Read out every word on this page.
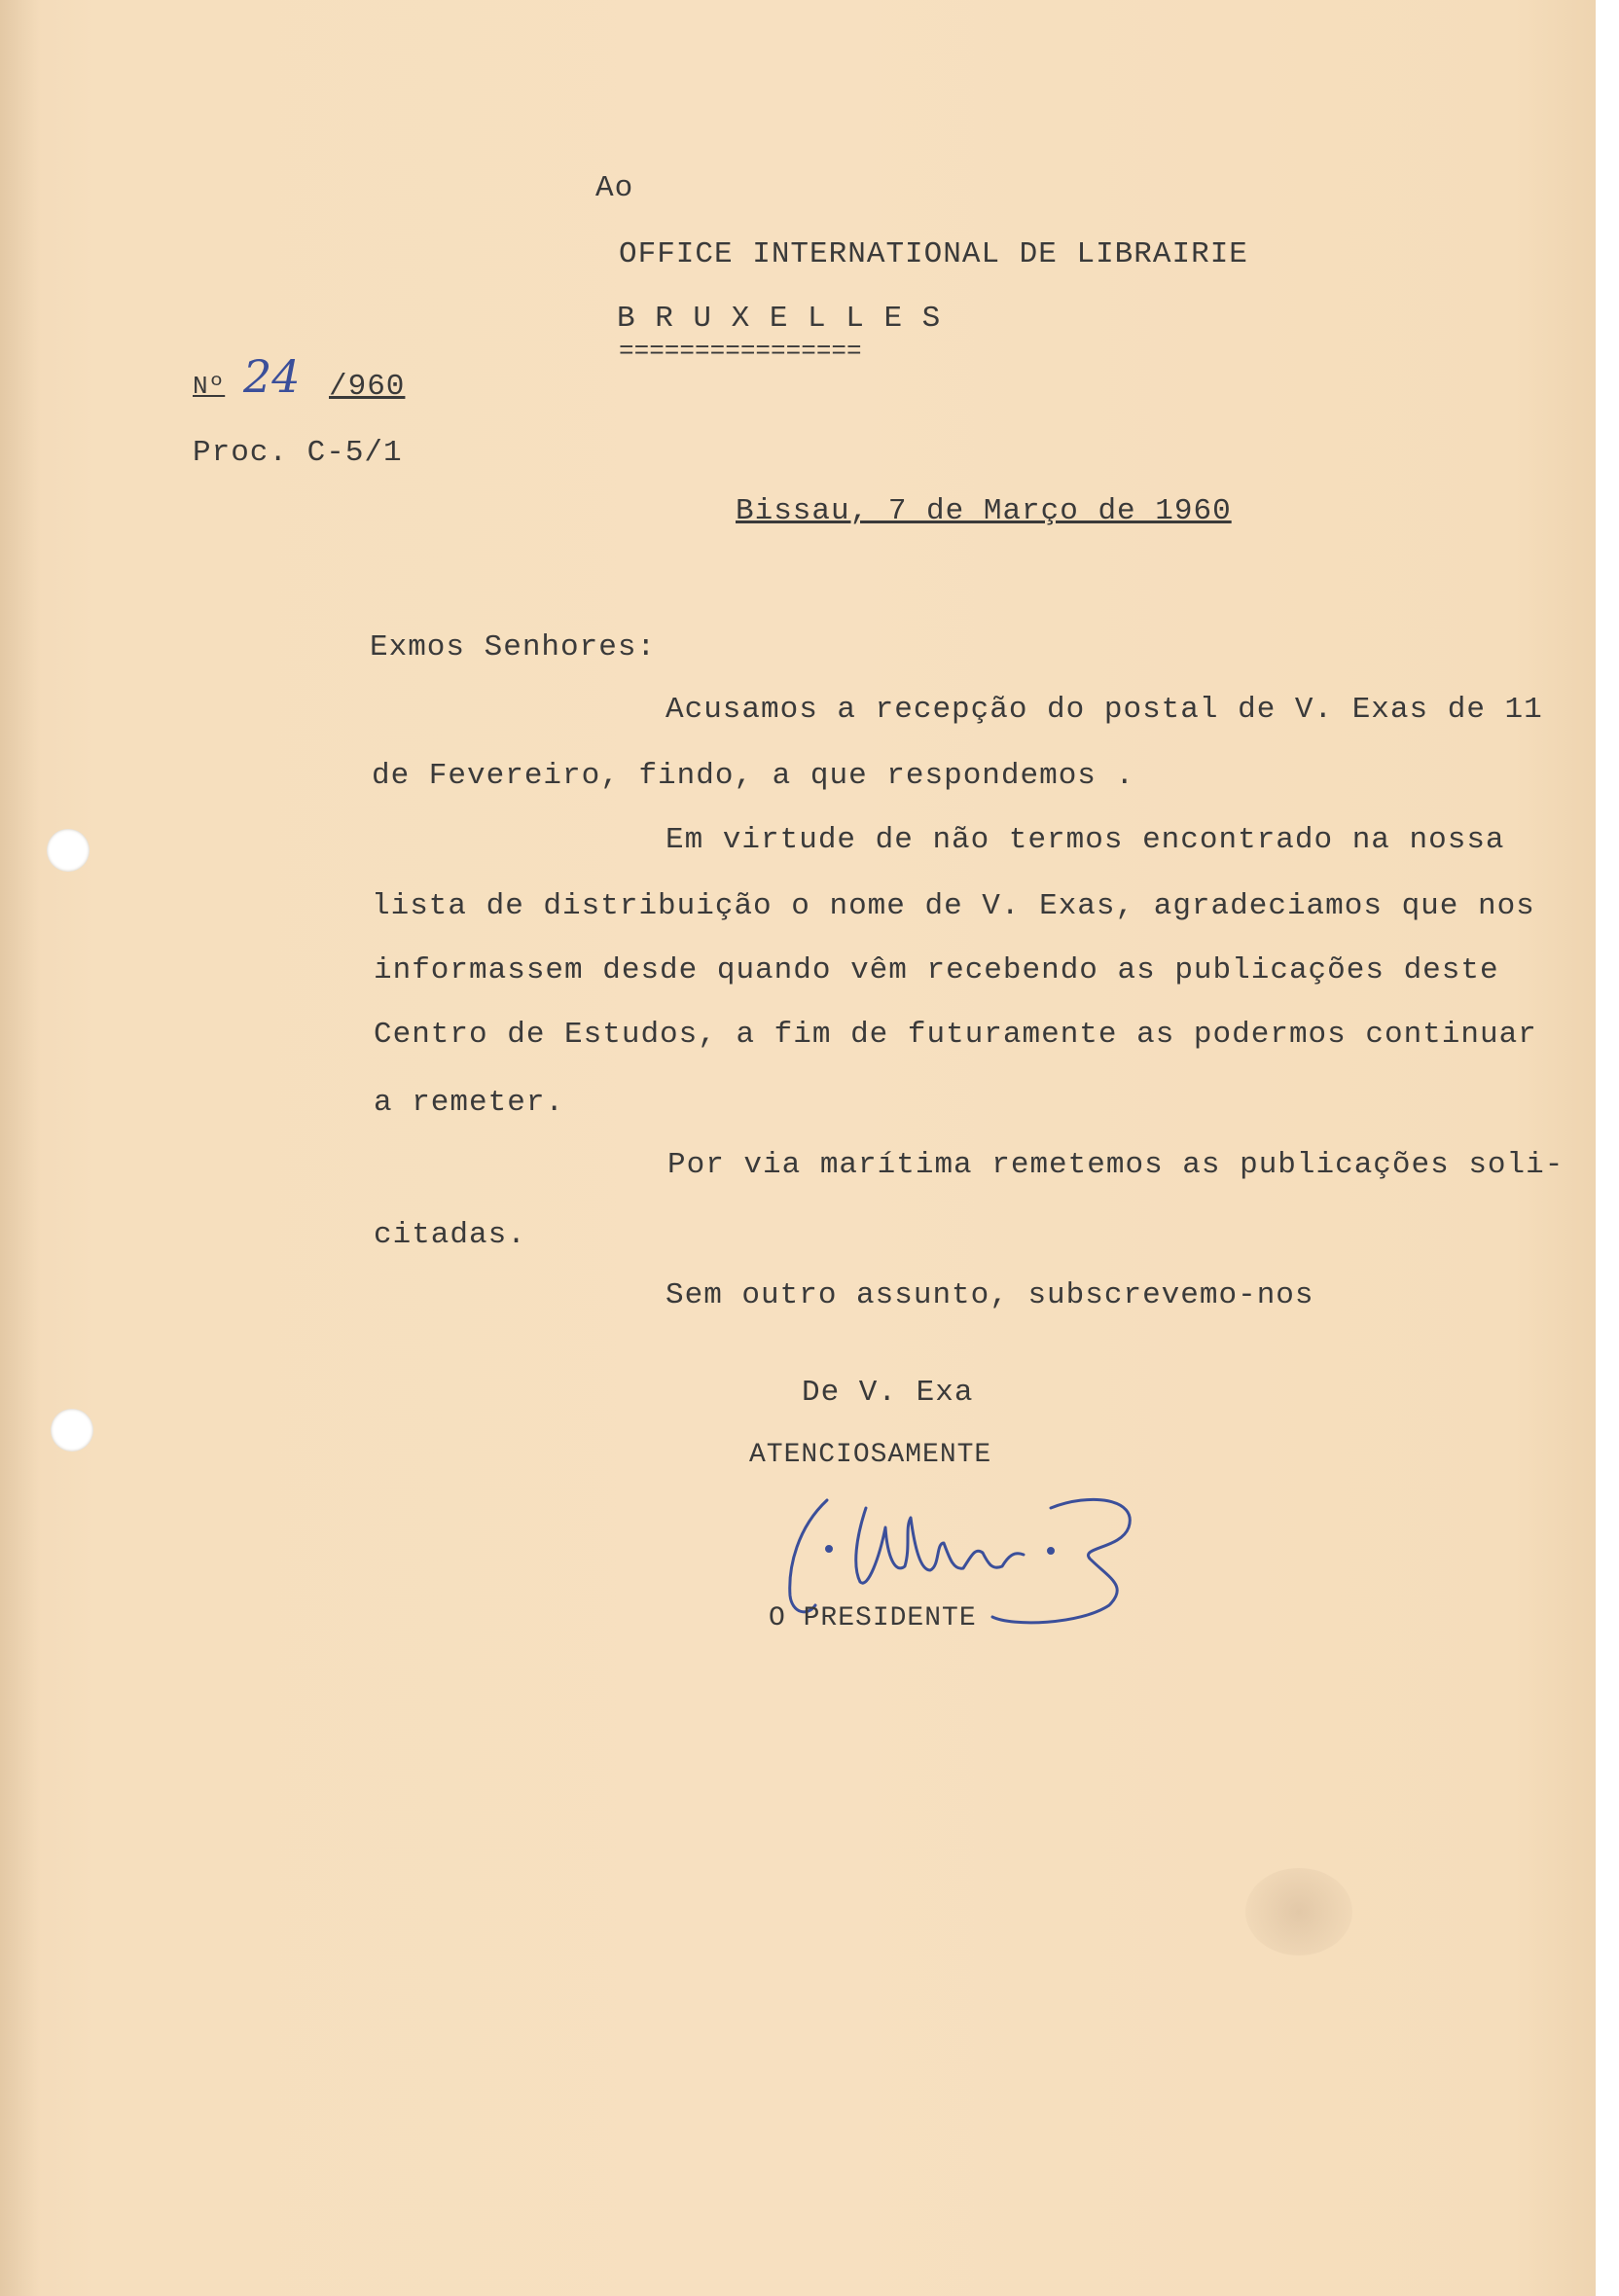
Ao
OFFICE INTERNATIONAL DE LIBRAIRIE
B R U X E L L E S
================
Nº 24 /960
Proc. C-5/1
Bissau, 7 de Março de 1960
Exmos Senhores:
Acusamos a recepção do postal de V. Exas de 11
de Fevereiro, findo, a que respondemos .
Em virtude de não termos encontrado na nossa
lista de distribuição o nome de V. Exas, agradeciamos que nos
informassem desde quando vêm recebendo as publicações deste
Centro de Estudos, a fim de futuramente as podermos continuar
a remeter.
Por via marítima remetemos as publicações soli-
citadas.
Sem outro assunto, subscrevemo-nos
De V. Exa
ATENCIOSAMENTE
O PRESIDENTE
